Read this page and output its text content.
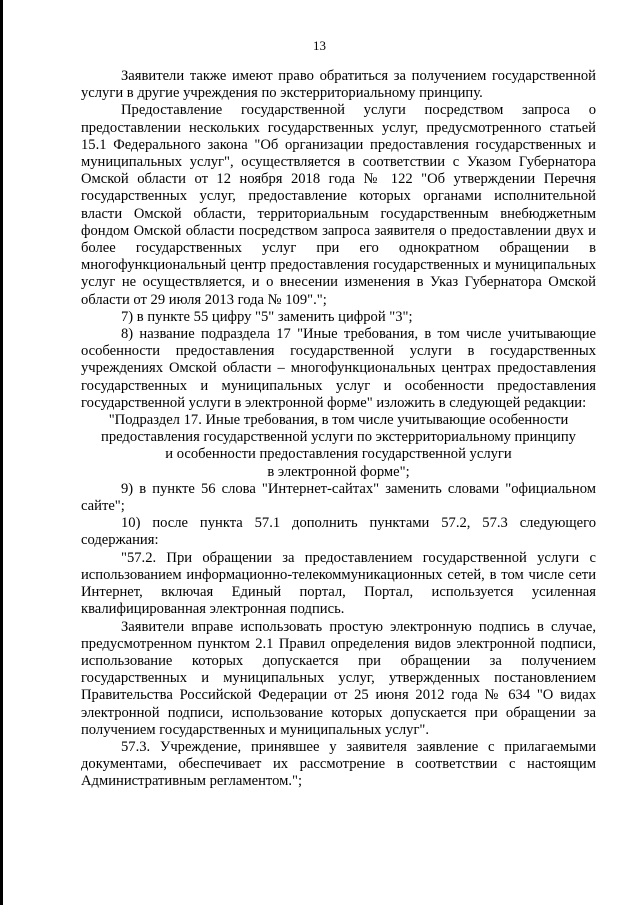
13

Заявители также имеют право обратиться за получением государственной услуги в другие учреждения по экстерриториальному принципу.

Предоставление государственной услуги посредством запроса о предоставлении нескольких государственных услуг, предусмотренного статьей 15.1 Федерального закона "Об организации предоставления государственных и муниципальных услуг", осуществляется в соответствии с Указом Губернатора Омской области от 12 ноября 2018 года № 122 "Об утверждении Перечня государственных услуг, предоставление которых органами исполнительной власти Омской области, территориальным государственным внебюджетным фондом Омской области посредством запроса заявителя о предоставлении двух и более государственных услуг при его однократном обращении в многофункциональный центр предоставления государственных и муниципальных услуг не осуществляется, и о внесении изменения в Указ Губернатора Омской области от 29 июля 2013 года № 109".";

7) в пункте 55 цифру "5" заменить цифрой "3";

8) название подраздела 17 "Иные требования, в том числе учитывающие особенности предоставления государственной услуги в государственных учреждениях Омской области – многофункциональных центрах предоставления государственных и муниципальных услуг и особенности предоставления государственной услуги в электронной форме" изложить в следующей редакции:

"Подраздел 17. Иные требования, в том числе учитывающие особенности

предоставления государственной услуги по экстерриториальному принципу

и особенности предоставления государственной услуги

в электронной форме";

9) в пункте 56 слова "Интернет-сайтах" заменить словами "официальном сайте";

10) после пункта 57.1 дополнить пунктами 57.2, 57.3 следующего содержания:

"57.2. При обращении за предоставлением государственной услуги с использованием информационно-телекоммуникационных сетей, в том числе сети Интернет, включая Единый портал, Портал, используется усиленная квалифицированная электронная подпись.

Заявители вправе использовать простую электронную подпись в случае, предусмотренном пунктом 2.1 Правил определения видов электронной подписи, использование которых допускается при обращении за получением государственных и муниципальных услуг, утвержденных постановлением Правительства Российской Федерации от 25 июня 2012 года № 634 "О видах электронной подписи, использование которых допускается при обращении за получением государственных и муниципальных услуг".

57.3. Учреждение, принявшее у заявителя заявление с прилагаемыми документами, обеспечивает их рассмотрение в соответствии с настоящим Административным регламентом.";
